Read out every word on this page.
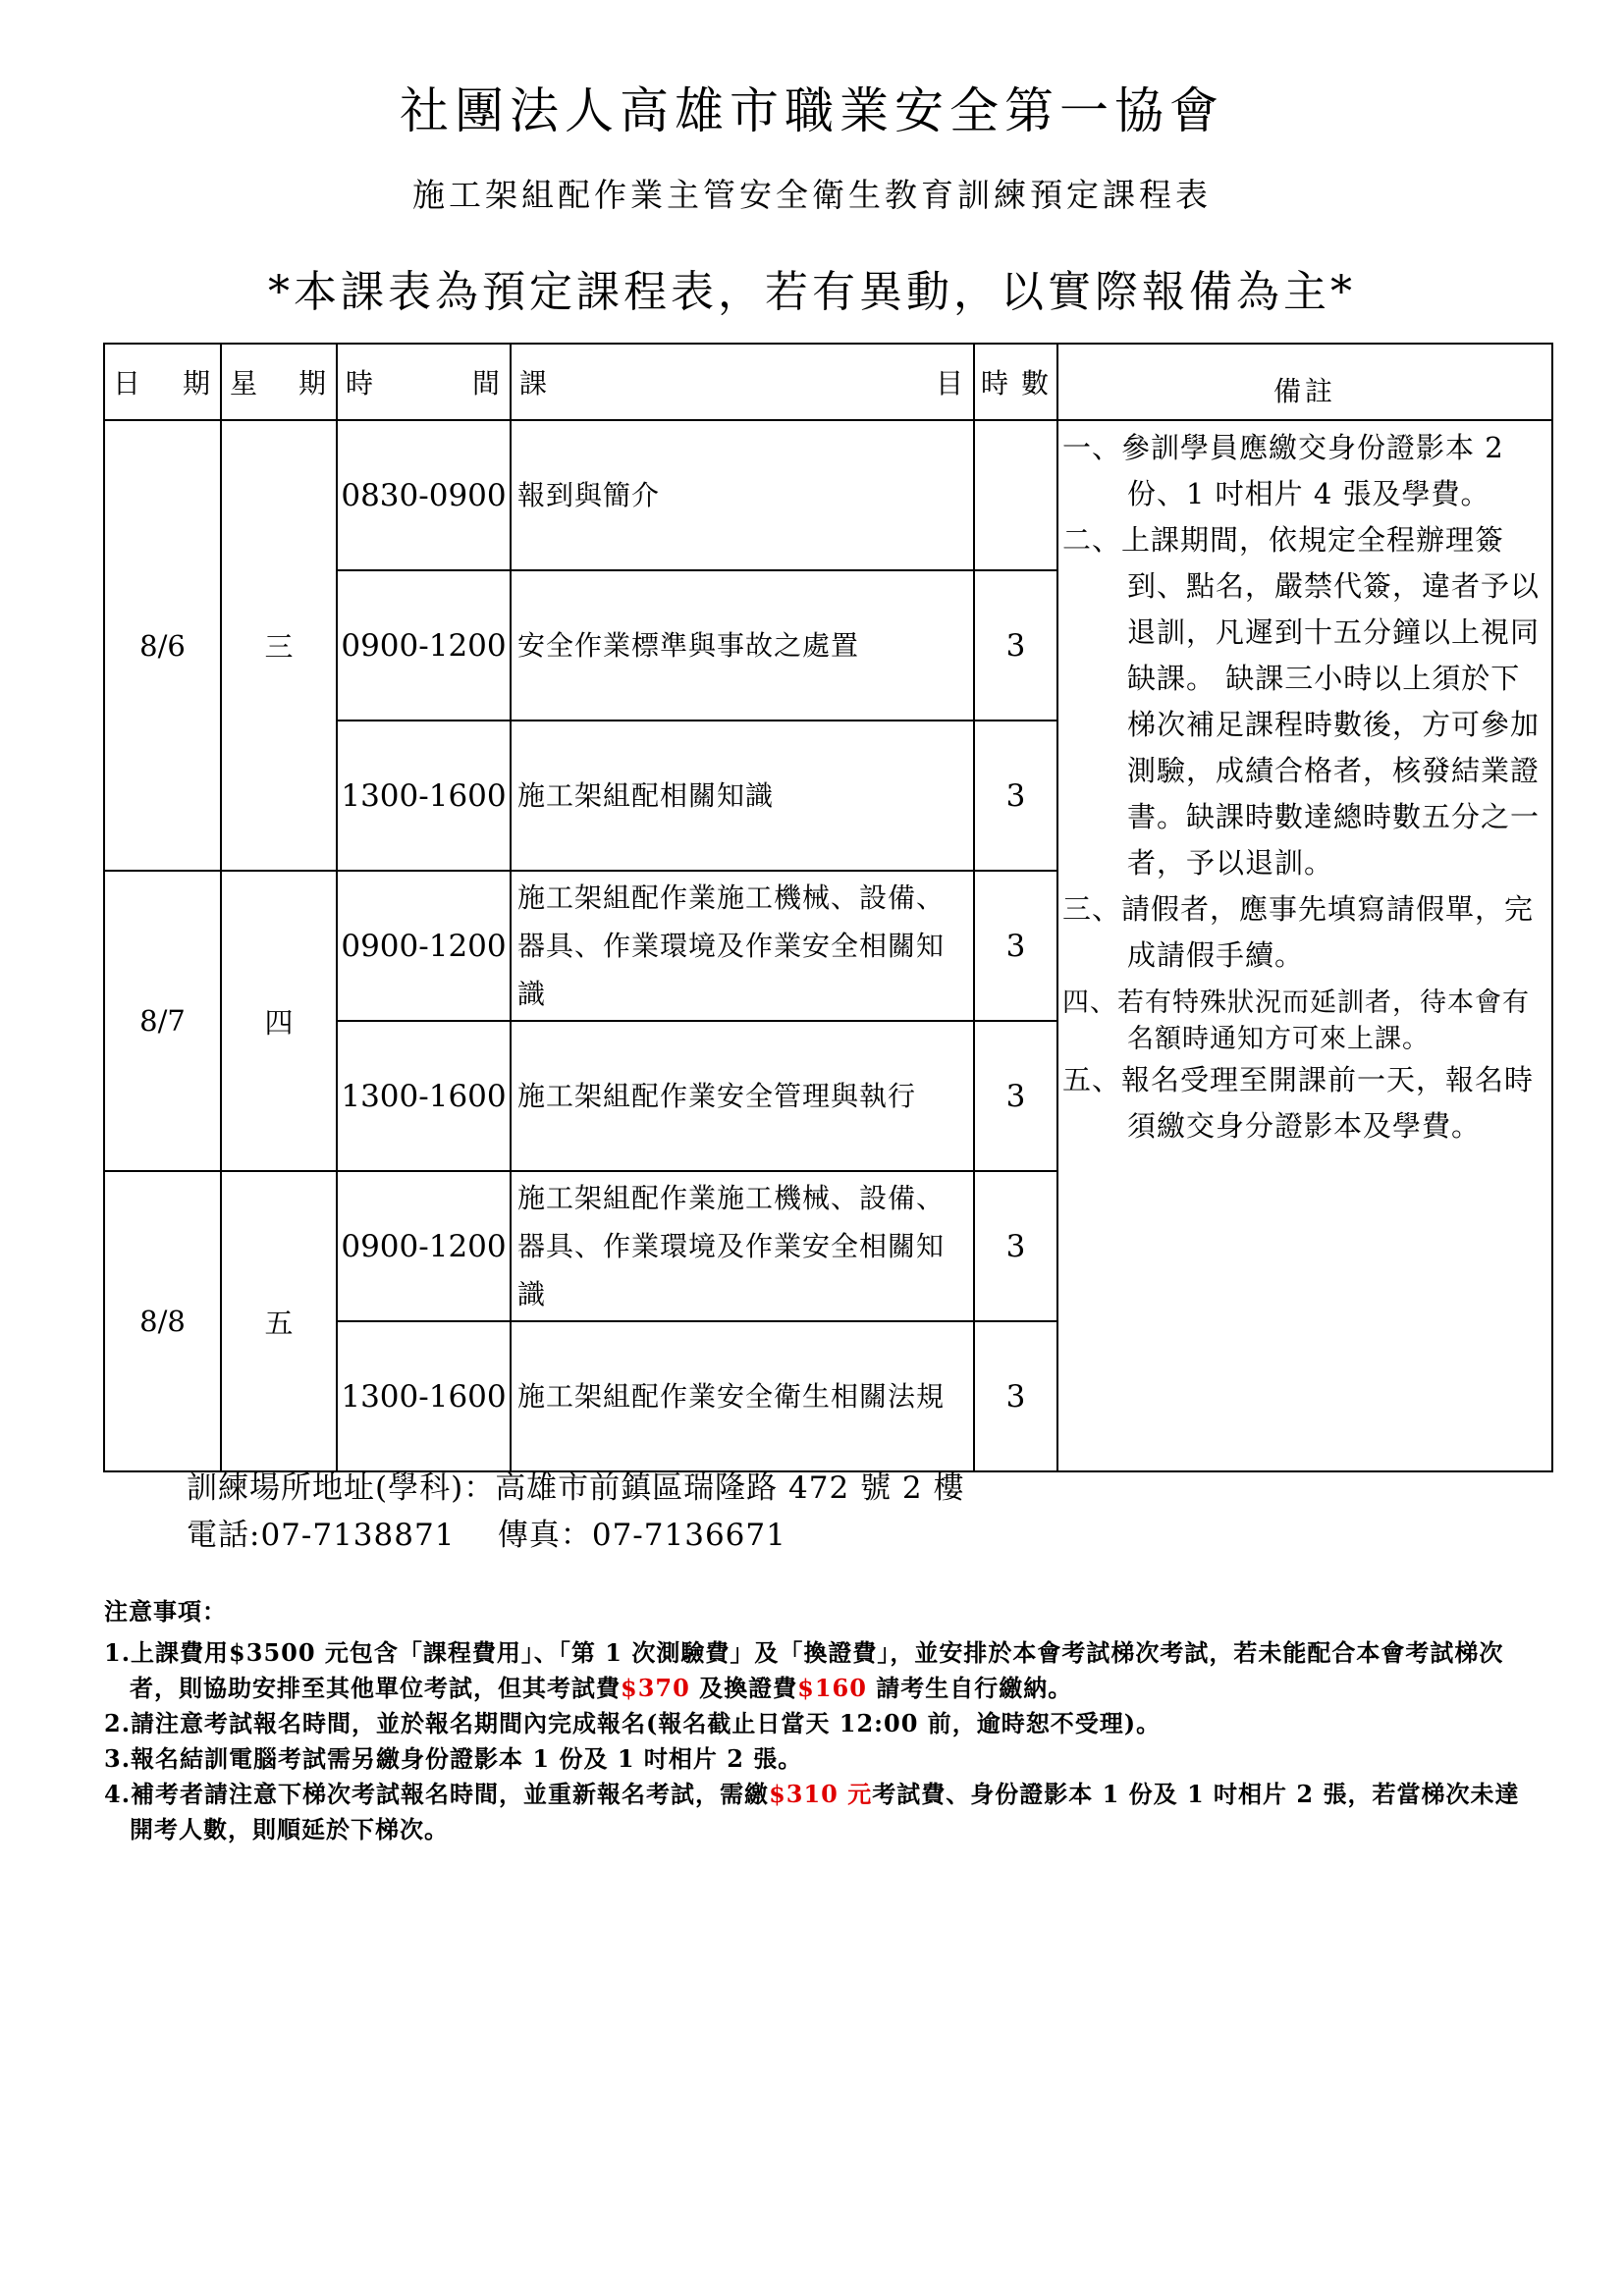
社團法人高雄市職業安全第一協會
施工架組配作業主管安全衛生教育訓練預定課程表
*本課表為預定課程表，若有異動，以實際報備為主*
日 期	星 期	時 間	課 目	時 數	備註
8/6	三	0830-0900	報到與簡介		一、參訓學員應繳交身份證影本 2 份、1 吋相片 4 張及學費。

二、上課期間，依規定全程辦理簽到、點名，嚴禁代簽，違者予以退訓，凡遲到十五分鐘以上視同缺課。 缺課三小時以上須於下梯次補足課程時數後，方可參加測驗，成績合格者，核發結業證書。缺課時數達總時數五分之一者，予以退訓。

三、請假者，應事先填寫請假單，完成請假手續。

四、若有特殊狀況而延訓者，待本會有名額時通知方可來上課。

五、報名受理至開課前一天，報名時須繳交身分證影本及學費。

		0900-1200	安全作業標準與事故之處置	3	
		1300-1600	施工架組配相關知識	3	
8/7	四	0900-1200	施工架組配作業施工機械、設備、器具、作業環境及作業安全相關知識	3	
		1300-1600	施工架組配作業安全管理與執行	3	
8/8	五	0900-1200	施工架組配作業施工機械、設備、器具、作業環境及作業安全相關知識	3	
		1300-1600	施工架組配作業安全衛生相關法規	3	
訓練場所地址(學科)：高雄市前鎮區瑞隆路 472 號 2 樓
電話:07-7138871 傳真：07-7136671
注意事項：
1.上課費用$3500 元包含「課程費用」、「第 1 次測驗費」及「換證費」，並安排於本會考試梯次考試，若未能配合本會考試梯次者，則協助安排至其他單位考試，但其考試費$370 及換證費$160 請考生自行繳納。
2.請注意考試報名時間，並於報名期間內完成報名(報名截止日當天 12:00 前，逾時恕不受理)。
3.報名結訓電腦考試需另繳身份證影本 1 份及 1 吋相片 2 張。
4.補考者請注意下梯次考試報名時間，並重新報名考試，需繳$310 元考試費、身份證影本 1 份及 1 吋相片 2 張，若當梯次未達開考人數，則順延於下梯次。
